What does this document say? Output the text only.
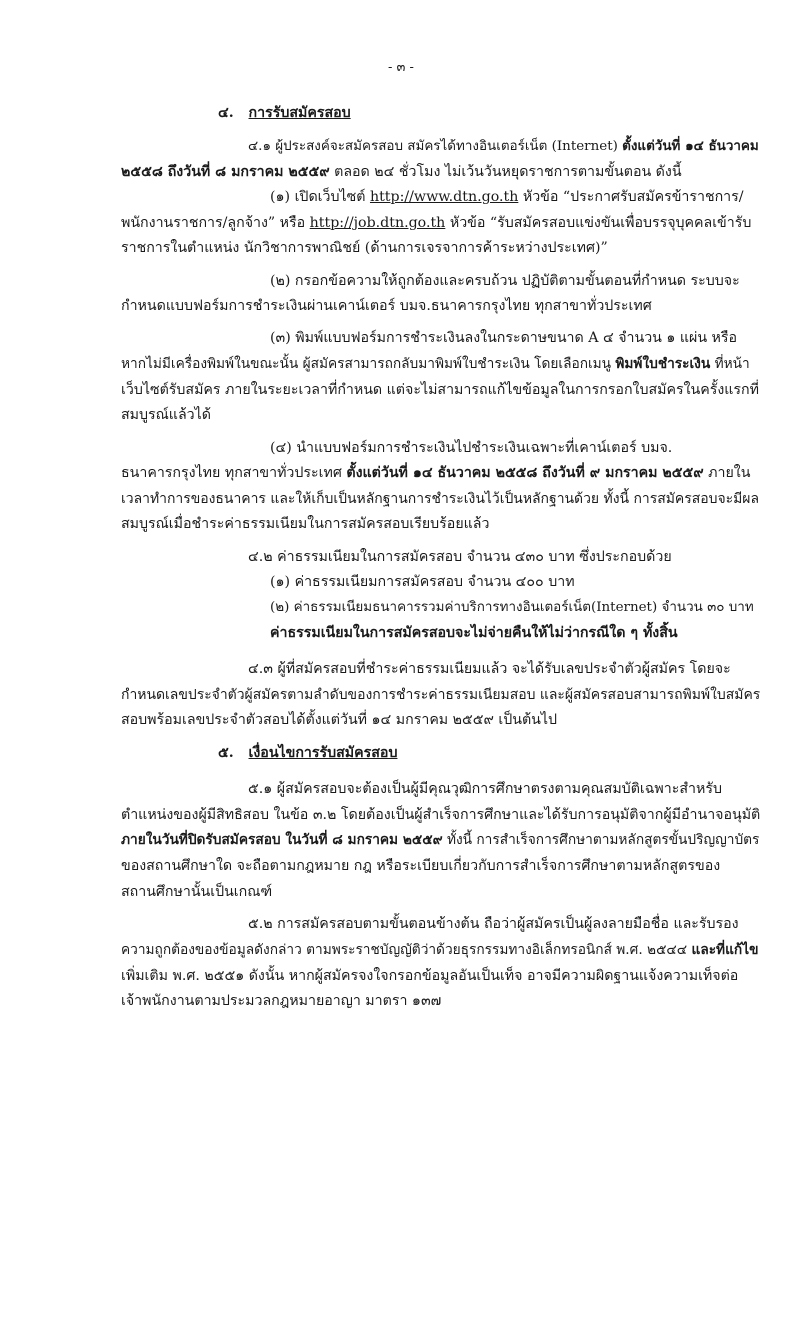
- ๓ -
๔. การรับสมัครสอบ
๔.๑ ผู้ประสงค์จะสมัครสอบ สมัครได้ทางอินเตอร์เน็ต (Internet) ตั้งแต่วันที่ ๑๔ ธันวาคม
๒๕๕๘ ถึงวันที่ ๘ มกราคม ๒๕๕๙ ตลอด ๒๔ ชั่วโมง ไม่เว้นวันหยุดราชการตามขั้นตอน ดังนี้
(๑) เปิดเว็บไซต์ http://www.dtn.go.th หัวข้อ “ประกาศรับสมัครข้าราชการ/
พนักงานราชการ/ลูกจ้าง” หรือ http://job.dtn.go.th หัวข้อ “รับสมัครสอบแข่งขันเพื่อบรรจุบุคคลเข้ารับ
ราชการในตำแหน่ง นักวิชาการพาณิชย์ (ด้านการเจรจาการค้าระหว่างประเทศ)”
(๒) กรอกข้อความให้ถูกต้องและครบถ้วน ปฏิบัติตามขั้นตอนที่กำหนด ระบบจะ
กำหนดแบบฟอร์มการชำระเงินผ่านเคาน์เตอร์ บมจ.ธนาคารกรุงไทย ทุกสาขาทั่วประเทศ
(๓) พิมพ์แบบฟอร์มการชำระเงินลงในกระดาษขนาด A ๔ จำนวน ๑ แผ่น หรือ
หากไม่มีเครื่องพิมพ์ในขณะนั้น ผู้สมัครสามารถกลับมาพิมพ์ใบชำระเงิน โดยเลือกเมนู พิมพ์ใบชำระเงิน ที่หน้า
เว็บไซต์รับสมัคร ภายในระยะเวลาที่กำหนด แต่จะไม่สามารถแก้ไขข้อมูลในการกรอกใบสมัครในครั้งแรกที่
สมบูรณ์แล้วได้
(๔) นำแบบฟอร์มการชำระเงินไปชำระเงินเฉพาะที่เคาน์เตอร์ บมจ.
ธนาคารกรุงไทย ทุกสาขาทั่วประเทศ ตั้งแต่วันที่ ๑๔ ธันวาคม ๒๕๕๘ ถึงวันที่ ๙ มกราคม ๒๕๕๙ ภายใน
เวลาทำการของธนาคาร และให้เก็บเป็นหลักฐานการชำระเงินไว้เป็นหลักฐานด้วย ทั้งนี้ การสมัครสอบจะมีผล
สมบูรณ์เมื่อชำระค่าธรรมเนียมในการสมัครสอบเรียบร้อยแล้ว
๔.๒ ค่าธรรมเนียมในการสมัครสอบ จำนวน ๔๓๐ บาท ซึ่งประกอบด้วย
(๑) ค่าธรรมเนียมการสมัครสอบ จำนวน ๔๐๐ บาท
(๒) ค่าธรรมเนียมธนาคารรวมค่าบริการทางอินเตอร์เน็ต(Internet) จำนวน ๓๐ บาท
ค่าธรรมเนียมในการสมัครสอบจะไม่จ่ายคืนให้ไม่ว่ากรณีใด ๆ ทั้งสิ้น
๔.๓ ผู้ที่สมัครสอบที่ชำระค่าธรรมเนียมแล้ว จะได้รับเลขประจำตัวผู้สมัคร โดยจะ
กำหนดเลขประจำตัวผู้สมัครตามลำดับของการชำระค่าธรรมเนียมสอบ และผู้สมัครสอบสามารถพิมพ์ใบสมัคร
สอบพร้อมเลขประจำตัวสอบได้ตั้งแต่วันที่ ๑๔ มกราคม ๒๕๕๙ เป็นต้นไป
๕. เงื่อนไขการรับสมัครสอบ
๕.๑ ผู้สมัครสอบจะต้องเป็นผู้มีคุณวุฒิการศึกษาตรงตามคุณสมบัติเฉพาะสำหรับ
ตำแหน่งของผู้มีสิทธิสอบ ในข้อ ๓.๒ โดยต้องเป็นผู้สำเร็จการศึกษาและได้รับการอนุมัติจากผู้มีอำนาจอนุมัติ
ภายในวันที่ปิดรับสมัครสอบ ในวันที่ ๘ มกราคม ๒๕๕๙ ทั้งนี้ การสำเร็จการศึกษาตามหลักสูตรขั้นปริญญาบัตร
ของสถานศึกษาใด จะถือตามกฎหมาย กฎ หรือระเบียบเกี่ยวกับการสำเร็จการศึกษาตามหลักสูตรของ
สถานศึกษานั้นเป็นเกณฑ์
๕.๒ การสมัครสอบตามขั้นตอนข้างต้น ถือว่าผู้สมัครเป็นผู้ลงลายมือชื่อ และรับรอง
ความถูกต้องของข้อมูลดังกล่าว ตามพระราชบัญญัติว่าด้วยธุรกรรมทางอิเล็กทรอนิกส์ พ.ศ. ๒๕๔๔ และที่แก้ไข
เพิ่มเติม พ.ศ. ๒๕๕๑ ดังนั้น หากผู้สมัครจงใจกรอกข้อมูลอันเป็นเท็จ อาจมีความผิดฐานแจ้งความเท็จต่อ
เจ้าพนักงานตามประมวลกฎหมายอาญา มาตรา ๑๓๗
